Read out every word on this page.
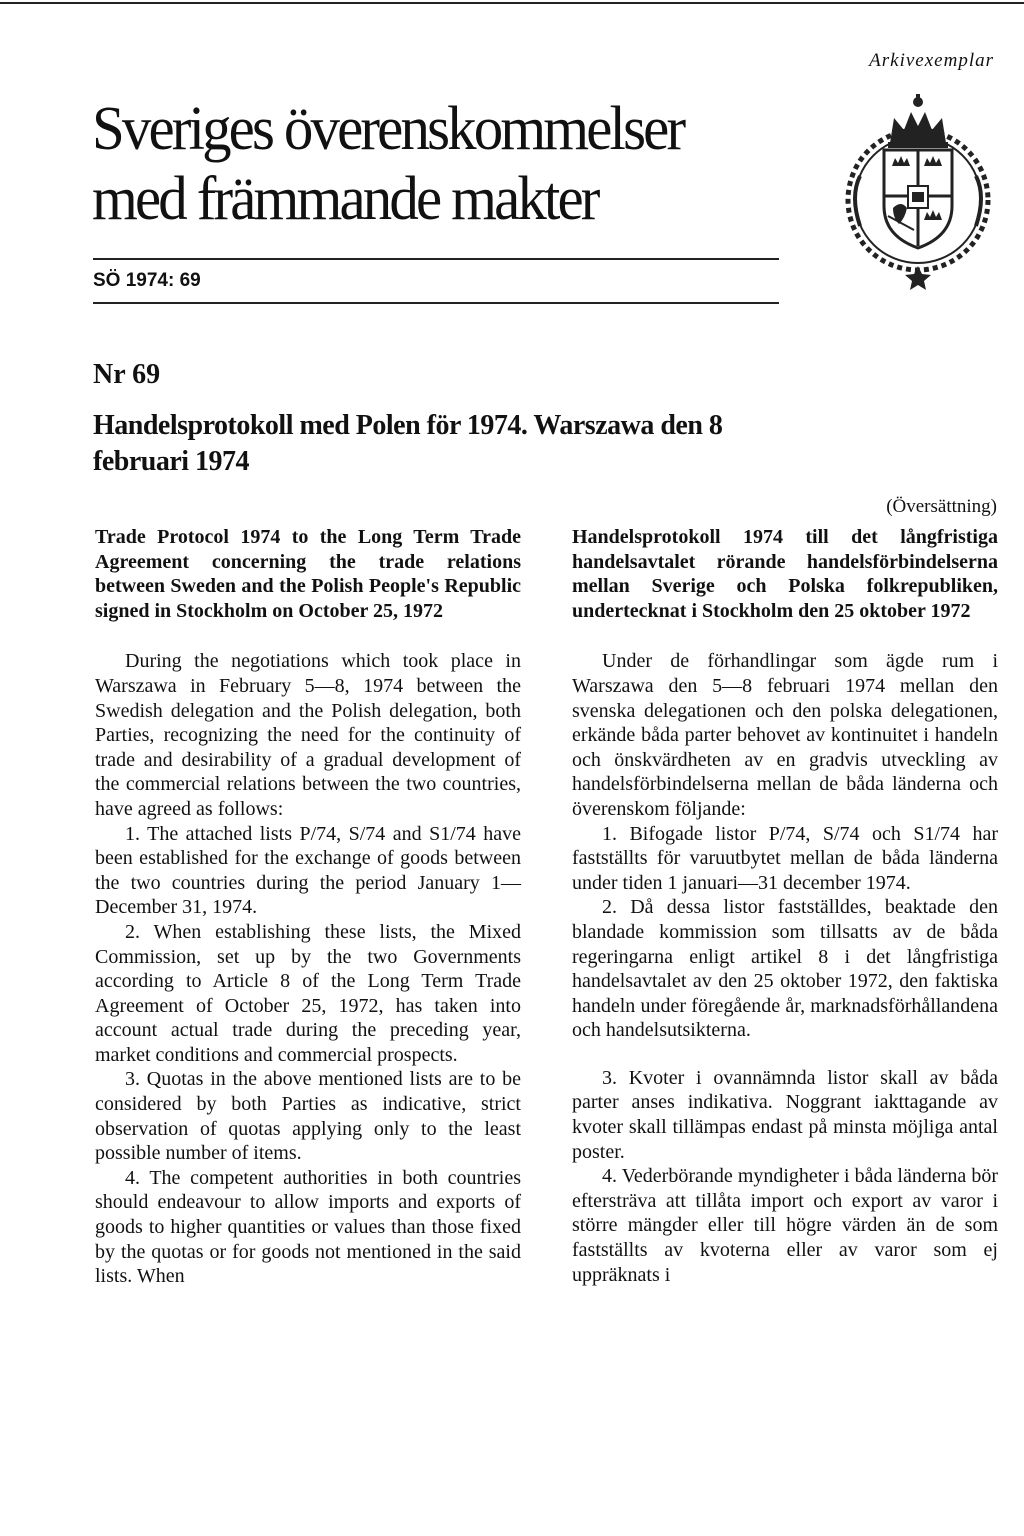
Arkivexemplar
Sveriges överenskommelser
med främmande makter
SÖ 1974: 69
Nr 69
Handelsprotokoll med Polen för 1974. Warszawa den 8 februari 1974
(Översättning)
Trade Protocol 1974 to the Long Term Trade Agreement concerning the trade relations between Sweden and the Polish People's Republic signed in Stockholm on October 25, 1972

During the negotiations which took place in Warszawa in February 5—8, 1974 between the Swedish delegation and the Polish delegation, both Parties, recognizing the need for the continuity of trade and desirability of a gradual development of the commercial relations between the two countries, have agreed as follows:

1. The attached lists P/74, S/74 and S1/74 have been established for the exchange of goods between the two countries during the period January 1—December 31, 1974.

2. When establishing these lists, the Mixed Commission, set up by the two Governments according to Article 8 of the Long Term Trade Agreement of October 25, 1972, has taken into account actual trade during the preceding year, market conditions and commercial prospects.

3. Quotas in the above mentioned lists are to be considered by both Parties as indicative, strict observation of quotas applying only to the least possible number of items.

4. The competent authorities in both countries should endeavour to allow imports and exports of goods to higher quantities or values than those fixed by the quotas or for goods not mentioned in the said lists. When

Handelsprotokoll 1974 till det långfristiga handelsavtalet rörande handelsförbindelserna mellan Sverige och Polska folkrepubliken, undertecknat i Stockholm den 25 oktober 1972

Under de förhandlingar som ägde rum i Warszawa den 5—8 februari 1974 mellan den svenska delegationen och den polska delegationen, erkände båda parter behovet av kontinuitet i handeln och önskvärdheten av en gradvis utveckling av handelsförbindelserna mellan de båda länderna och överenskom följande:

1. Bifogade listor P/74, S/74 och S1/74 har fastställts för varuutbytet mellan de båda länderna under tiden 1 januari—31 december 1974.

2. Då dessa listor fastställdes, beaktade den blandade kommission som tillsatts av de båda regeringarna enligt artikel 8 i det långfristiga handelsavtalet av den 25 oktober 1972, den faktiska handeln under föregående år, marknadsförhållandena och handelsutsikterna.

3. Kvoter i ovannämnda listor skall av båda parter anses indikativa. Noggrant iakttagande av kvoter skall tillämpas endast på minsta möjliga antal poster.

4. Vederbörande myndigheter i båda länderna bör eftersträva att tillåta import och export av varor i större mängder eller till högre värden än de som fastställts av kvoterna eller av varor som ej uppräknats i
